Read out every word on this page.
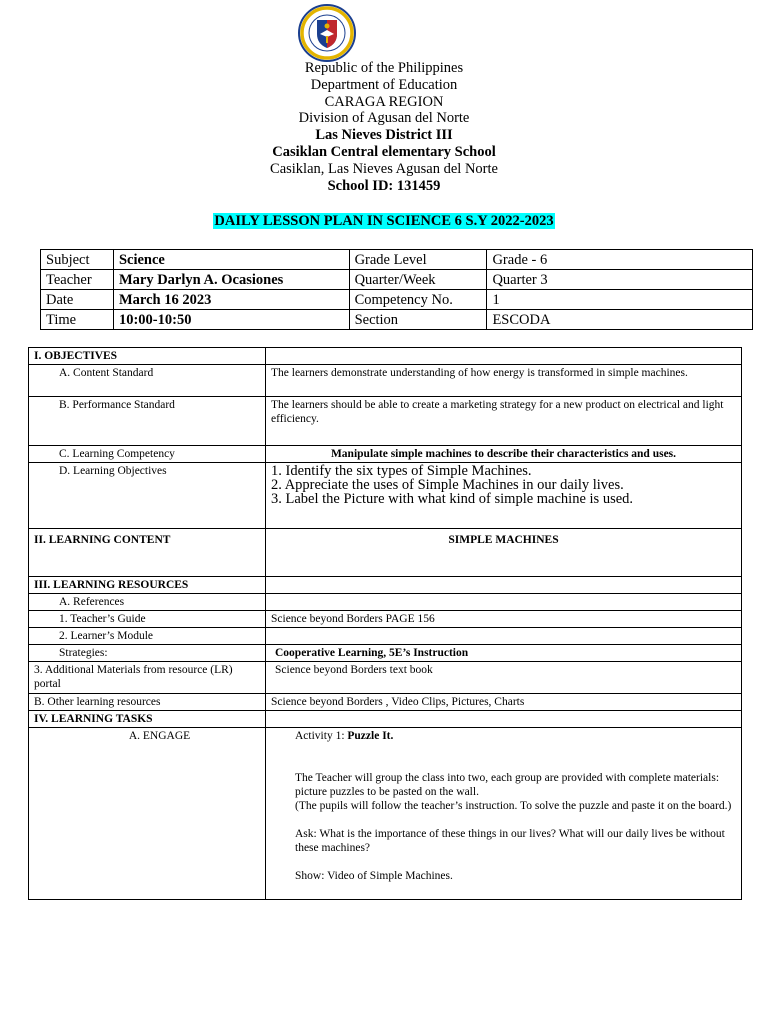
Republic of the Philippines
Department of Education
CARAGA REGION
Division of Agusan del Norte
Las Nieves District III
Casiklan Central elementary School
Casiklan, Las Nieves Agusan del Norte
School ID: 131459
DAILY LESSON PLAN IN SCIENCE 6 S.Y 2022-2023
Subject	Science	Grade Level	Grade - 6
Teacher	Mary Darlyn A. Ocasiones	Quarter/Week	Quarter 3
Date	March 16 2023	Competency No.	1
Time	10:00-10:50	Section	ESCODA
I. OBJECTIVES	
A. Content Standard	The learners demonstrate understanding of how energy is transformed in simple machines.
B. Performance Standard	The learners should be able to create a marketing strategy for a new product on electrical and light efficiency.
C. Learning Competency	Manipulate simple machines to describe their characteristics and uses.
D. Learning Objectives	1. Identify the six types of Simple Machines.
2. Appreciate the uses of Simple Machines in our daily lives.
3. Label the Picture with what kind of simple machine is used.

II. LEARNING CONTENT	SIMPLE MACHINES
III. LEARNING RESOURCES	
A. References	
1. Teacher’s Guide	Science beyond Borders PAGE 156
2. Learner’s Module	
Strategies:	Cooperative Learning, 5E’s Instruction
3. Additional Materials from resource (LR) portal	Science beyond Borders text book
B. Other learning resources	Science beyond Borders , Video Clips, Pictures, Charts
IV. LEARNING TASKS	
A. ENGAGE	Activity 1: Puzzle It.

The Teacher will group the class into two, each group are provided with complete materials: picture puzzles to be pasted on the wall.

(The pupils will follow the teacher’s instruction. To solve the puzzle and paste it on the board.)

Ask: What is the importance of these things in our lives? What will our daily lives be without these machines?

Show: Video of Simple Machines.
